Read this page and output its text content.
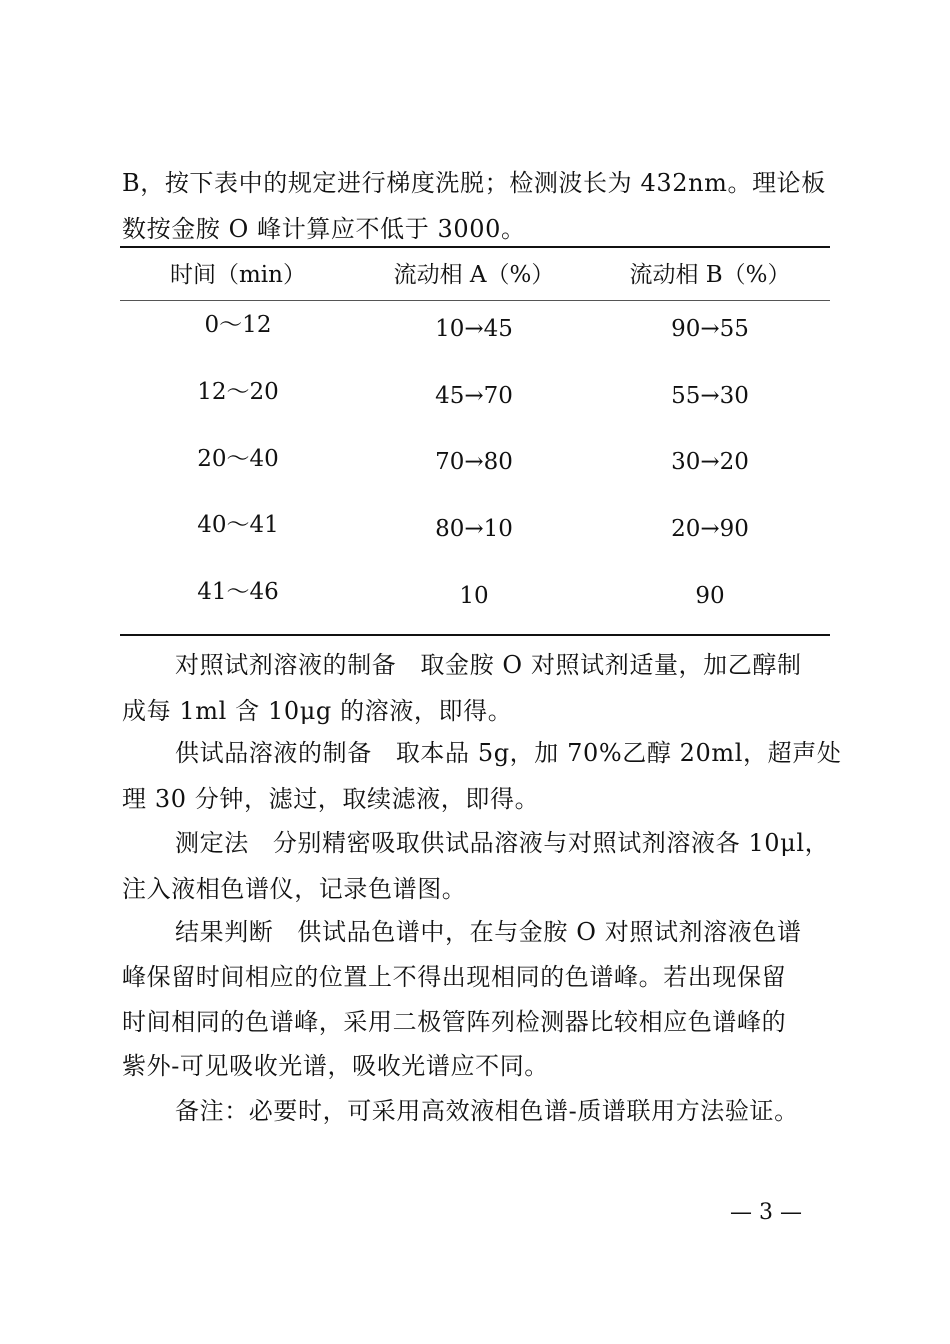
B，按下表中的规定进行梯度洗脱；检测波长为 432nm。理论板
数按金胺 O 峰计算应不低于 3000。
时间（min）	流动相 A（%）	流动相 B（%）
0～12	10→45	90→55
12～20	45→70	55→30
20～40	70→80	30→20
40～41	80→10	20→90
41～46	10	90
对照试剂溶液的制备 取金胺 O 对照试剂适量，加乙醇制
成每 1ml 含 10μg 的溶液，即得。
供试品溶液的制备 取本品 5g，加 70%乙醇 20ml，超声处
理 30 分钟，滤过，取续滤液，即得。
测定法 分别精密吸取供试品溶液与对照试剂溶液各 10μl，
注入液相色谱仪，记录色谱图。
结果判断 供试品色谱中，在与金胺 O 对照试剂溶液色谱
峰保留时间相应的位置上不得出现相同的色谱峰。若出现保留
时间相同的色谱峰，采用二极管阵列检测器比较相应色谱峰的
紫外-可见吸收光谱，吸收光谱应不同。
备注：必要时，可采用高效液相色谱-质谱联用方法验证。
— 3 —
